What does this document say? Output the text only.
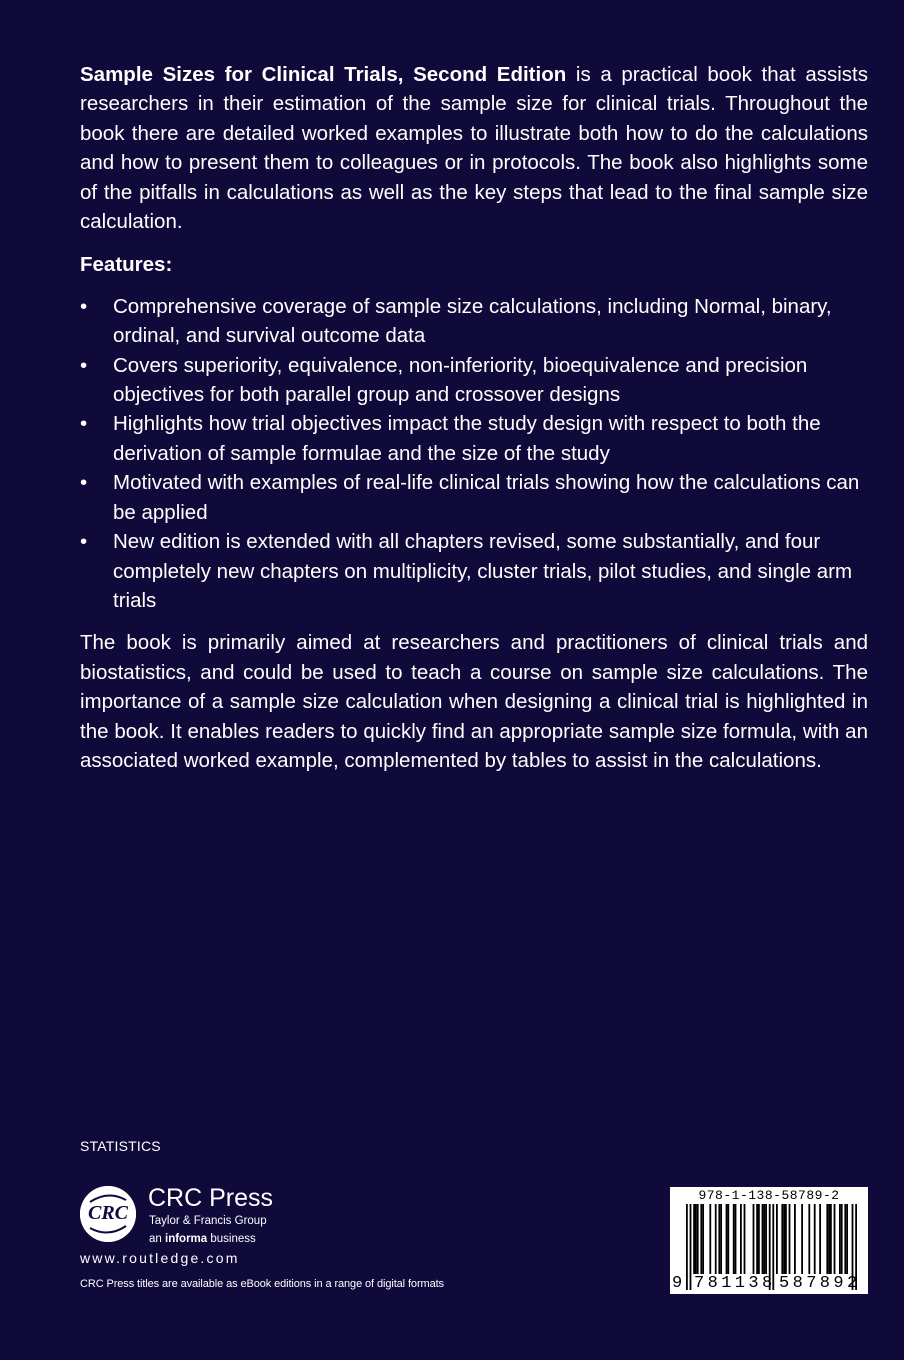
Sample Sizes for Clinical Trials, Second Edition is a practical book that assists researchers in their estimation of the sample size for clinical trials. Throughout the book there are detailed worked examples to illustrate both how to do the calculations and how to present them to colleagues or in protocols. The book also highlights some of the pitfalls in calculations as well as the key steps that lead to the final sample size calculation.

Features:

• Comprehensive coverage of sample size calculations, including Normal, binary, ordinal, and survival outcome data
• Covers superiority, equivalence, non-inferiority, bioequivalence and precision objectives for both parallel group and crossover designs
• Highlights how trial objectives impact the study design with respect to both the derivation of sample formulae and the size of the study
• Motivated with examples of real-life clinical trials showing how the calculations can be applied
• New edition is extended with all chapters revised, some substantially, and four completely new chapters on multiplicity, cluster trials, pilot studies, and single arm trials

The book is primarily aimed at researchers and practitioners of clinical trials and biostatistics, and could be used to teach a course on sample size calculations. The importance of a sample size calculation when designing a clinical trial is highlighted in the book. It enables readers to quickly find an appropriate sample size formula, with an associated worked example, complemented by tables to assist in the calculations.

STATISTICS
CRC
CRC Press
Taylor & Francis Group
an informa business
www.routledge.com
CRC Press titles are available as eBook editions in a range of digital formats
978-1-138-58789-2
9 781138 587892
